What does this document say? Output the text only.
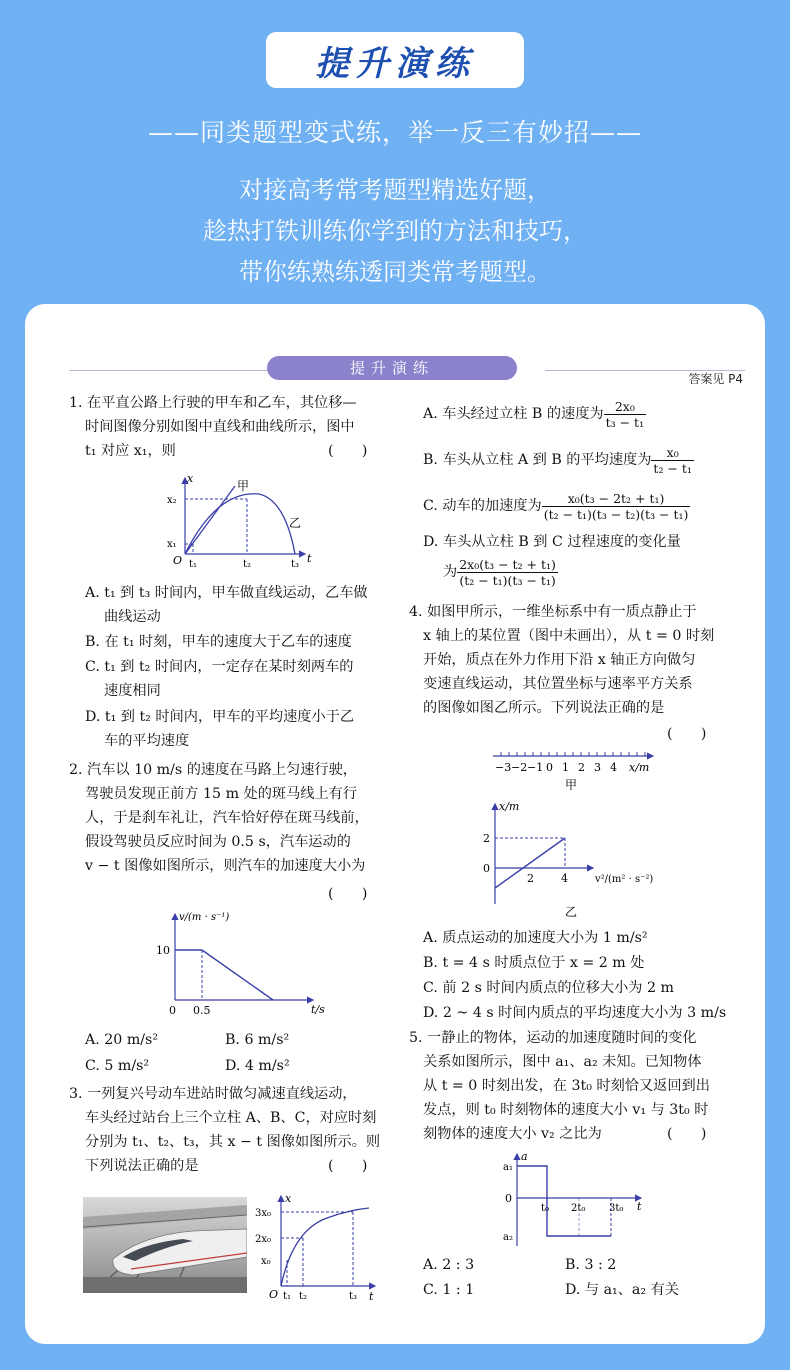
提升演练
——同类题型变式练，举一反三有妙招——
对接高考常考题型精选好题，
趁热打铁训练你学到的方法和技巧，
带你练熟练透同类常考题型。
提升演练
答案见 P4
1. 在平直公路上行驶的甲车和乙车，其位移—
时间图像分别如图中直线和曲线所示，图中
t₁ 对应 x₁，则	(　　)
x
t
x₂
x₁
O t₁	t₂	t₃
甲
乙
A. t₁ 到 t₃ 时间内，甲车做直线运动，乙车做
曲线运动
B. 在 t₁ 时刻，甲车的速度大于乙车的速度
C. t₁ 到 t₂ 时间内，一定存在某时刻两车的
速度相同
D. t₁ 到 t₂ 时间内，甲车的平均速度小于乙
车的平均速度
2. 汽车以 10 m/s 的速度在马路上匀速行驶，
驾驶员发现正前方 15 m 处的斑马线上有行
人，于是刹车礼让，汽车恰好停在斑马线前，
假设驾驶员反应时间为 0.5 s，汽车运动的
v − t 图像如图所示，则汽车的加速度大小为
(　　)
v/(m · s⁻¹)
t/s
10
0 0.5
A. 20 m/s²	B. 6 m/s²
C. 5 m/s²	D. 4 m/s²
3. 一列复兴号动车进站时做匀减速直线运动，
车头经过站台上三个立柱 A、B、C，对应时刻
分别为 t₁、t₂、t₃，其 x − t 图像如图所示。则
下列说法正确的是	(　　)
x
t
3x₀
2x₀
x₀
O t₁ t₂	t₃
A. 车头经过立柱 B 的速度为 $\frac{\text{2x₀}}{\text{t₃ − t₁}}$
B. 车头从立柱 A 到 B 的平均速度为 $\frac{\text{x₀}}{\text{t₂ − t₁}}$
C. 动车的加速度为 $\frac{\text{x₀(t₃ − 2t₂ + t₁)}}{\text{(t₂ − t₁)(t₃ − t₂)(t₃ − t₁)}}$
D. 车头从立柱 B 到 C 过程速度的变化量
为 $\frac{\text{2x₀(t₃ − t₂ + t₁)}}{\text{(t₂ − t₁)(t₃ − t₁)}}$
4. 如图甲所示，一维坐标系中有一质点静止于
x 轴上的某位置（图中未画出），从 t = 0 时刻
开始，质点在外力作用下沿 x 轴正方向做匀
变速直线运动，其位置坐标与速率平方关系
的图像如图乙所示。下列说法正确的是
(　　)
−3 −2 −1 0 1 2 3 4 x/m
甲
x/m
v²/(m² · s⁻²)
2
0
2 4
乙
A. 质点运动的加速度大小为 1 m/s²
B. t = 4 s 时质点位于 x = 2 m 处
C. 前 2 s 时间内质点的位移大小为 2 m
D. 2 ~ 4 s 时间内质点的平均速度大小为 3 m/s
5. 一静止的物体，运动的加速度随时间的变化
关系如图所示，图中 a₁、a₂ 未知。已知物体
从 t = 0 时刻出发，在 3t₀ 时刻恰又返回到出
发点，则 t₀ 时刻物体的速度大小 v₁ 与 3t₀ 时
刻物体的速度大小 v₂ 之比为	(　　)
a
t
a₁
a₂
0
t₀ 2t₀ 3t₀
A. 2 : 3	B. 3 : 2
C. 1 : 1	D. 与 a₁、a₂ 有关
